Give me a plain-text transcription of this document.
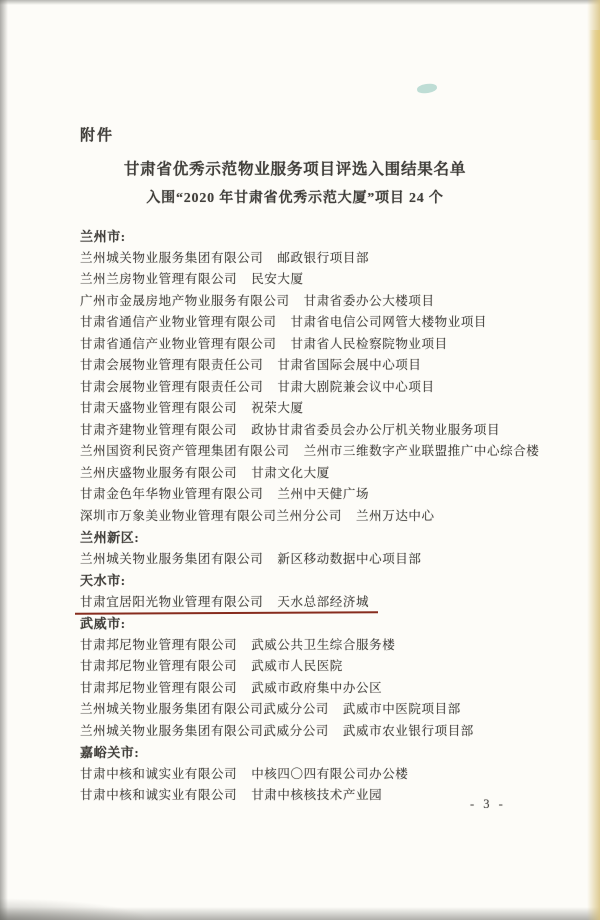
附件
甘肃省优秀示范物业服务项目评选入围结果名单
入围“2020 年甘肃省优秀示范大厦”项目 24 个
兰州市:
兰州城关物业服务集团有限公司 邮政银行项目部
兰州兰房物业管理有限公司 民安大厦
广州市金晟房地产物业服务有限公司 甘肃省委办公大楼项目
甘肃省通信产业物业管理有限公司 甘肃省电信公司网管大楼物业项目
甘肃省通信产业物业管理有限公司 甘肃省人民检察院物业项目
甘肃会展物业管理有限责任公司 甘肃省国际会展中心项目
甘肃会展物业管理有限责任公司 甘肃大剧院兼会议中心项目
甘肃天盛物业管理有限公司 祝荣大厦
甘肃齐建物业管理有限公司 政协甘肃省委员会办公厅机关物业服务项目
兰州国资利民资产管理集团有限公司 兰州市三维数字产业联盟推广中心综合楼
兰州庆盛物业服务有限公司 甘肃文化大厦
甘肃金色年华物业管理有限公司 兰州中天健广场
深圳市万象美业物业管理有限公司兰州分公司 兰州万达中心
兰州新区:
兰州城关物业服务集团有限公司 新区移动数据中心项目部
天水市:
甘肃宜居阳光物业管理有限公司 天水总部经济城
武威市:
甘肃邦尼物业管理有限公司 武威公共卫生综合服务楼
甘肃邦尼物业管理有限公司 武威市人民医院
甘肃邦尼物业管理有限公司 武威市政府集中办公区
兰州城关物业服务集团有限公司武威分公司 武威市中医院项目部
兰州城关物业服务集团有限公司武威分公司 武威市农业银行项目部
嘉峪关市:
甘肃中核和诚实业有限公司 中核四〇四有限公司办公楼
甘肃中核和诚实业有限公司 甘肃中核核技术产业园
- 3 -
